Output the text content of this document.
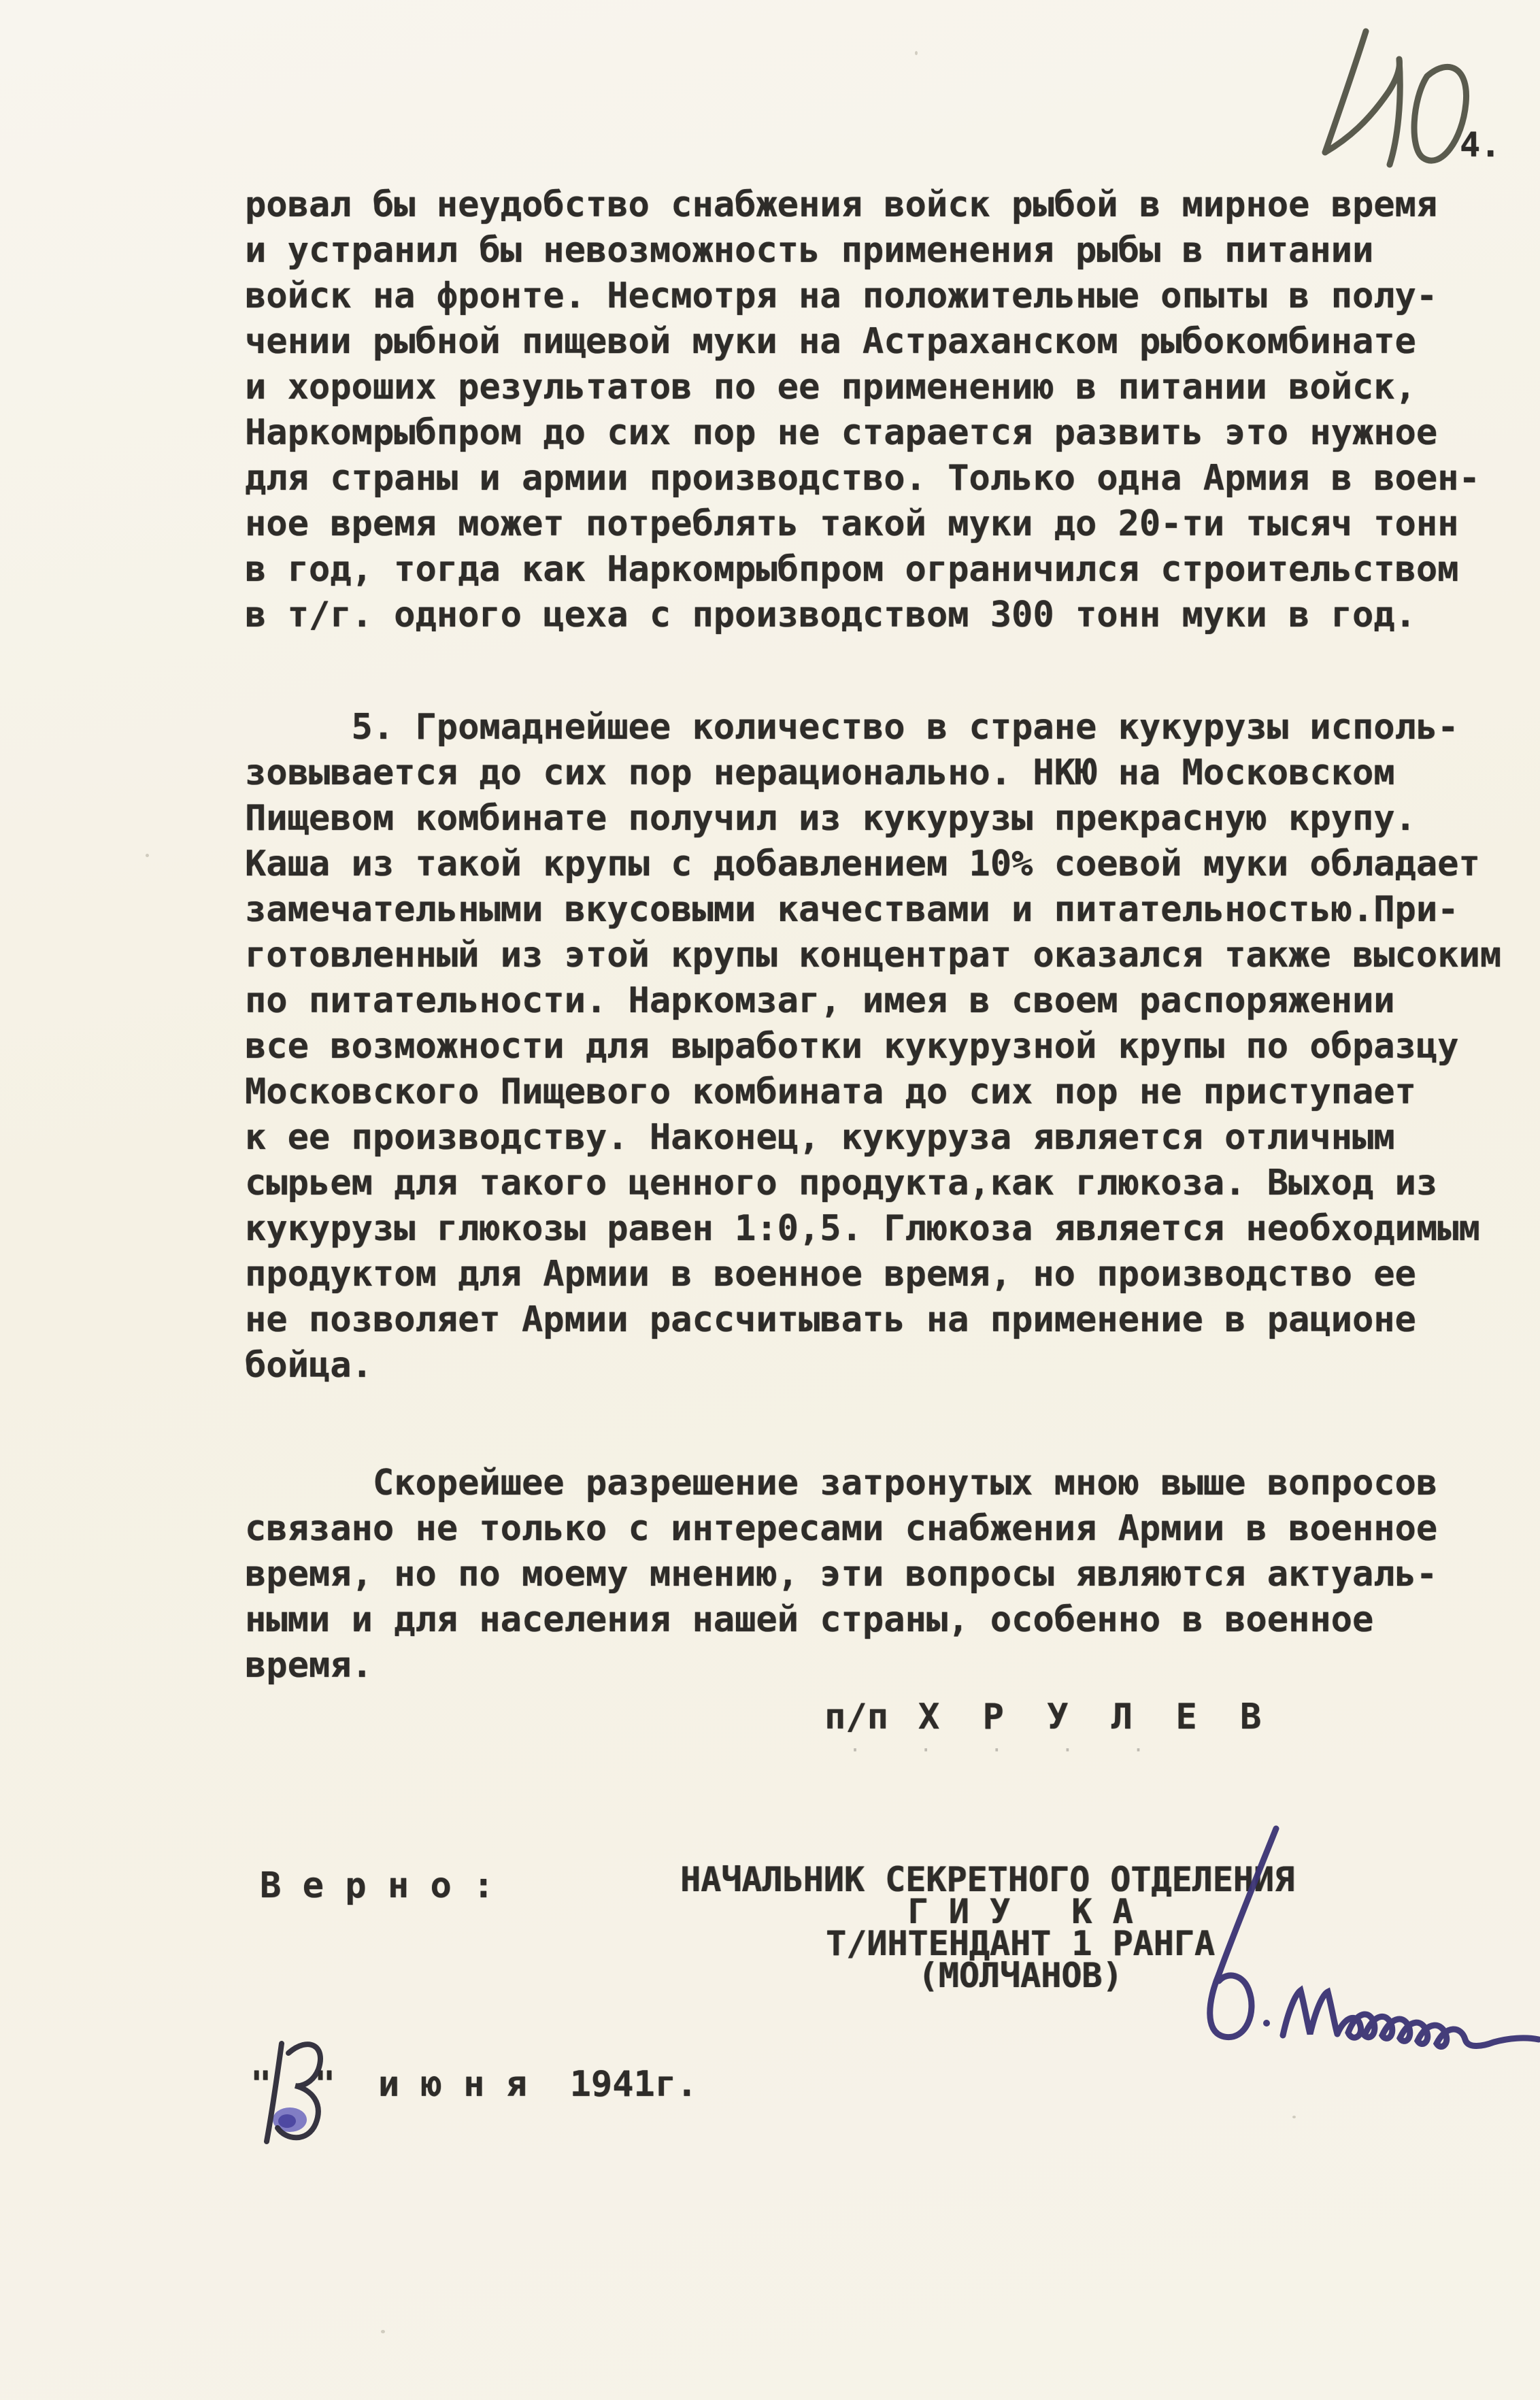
4.
ровал бы неудобство снабжения войск рыбой в мирное время
и устранил бы невозможность применения рыбы в питании
войск на фронте. Несмотря на положительные опыты в полу-
чении рыбной пищевой муки на Астраханском рыбокомбинате
и хороших результатов по ее применению в питании войск,
Наркомрыбпром до сих пор не старается развить это нужное
для страны и армии производство. Только одна Армия в воен-
ное время может потреблять такой муки до 20-ти тысяч тонн
в год, тогда как Наркомрыбпром ограничился строительством
в т/г. одного цеха с производством 300 тонн муки в год.
5. Громаднейшее количество в стране кукурузы исполь-
зовывается до сих пор нерационально. НКЮ на Московском
Пищевом комбинате получил из кукурузы прекрасную крупу.
Каша из такой крупы с добавлением 10% соевой муки обладает
замечательными вкусовыми качествами и питательностью.При-
готовленный из этой крупы концентрат оказался также высоким
по питательности. Наркомзаг, имея в своем распоряжении
все возможности для выработки кукурузной крупы по образцу
Московского Пищевого комбината до сих пор не приступает
к ее производству. Наконец, кукуруза является отличным
сырьем для такого ценного продукта,как глюкоза. Выход из
кукурузы глюкозы равен 1:0,5. Глюкоза является необходимым
продуктом для Армии в военное время, но производство ее
не позволяет Армии рассчитывать на применение в рационе
бойца.
Скорейшее разрешение затронутых мною выше вопросов
связано не только с интересами снабжения Армии в военное
время, но по моему мнению, эти вопросы являются актуаль-
ными и для населения нашей страны, особенно в военное
время.
п/п Х Р У Л Е В
· · · · ·
В е р н о :	НАЧАЛЬНИК СЕКРЕТНОГО ОТДЕЛЕНИЯ
Г И У   К А
Т/ИНТЕНДАНТ 1 РАНГА
(МОЛЧАНОВ)
"  "  и ю н я  1941г.
